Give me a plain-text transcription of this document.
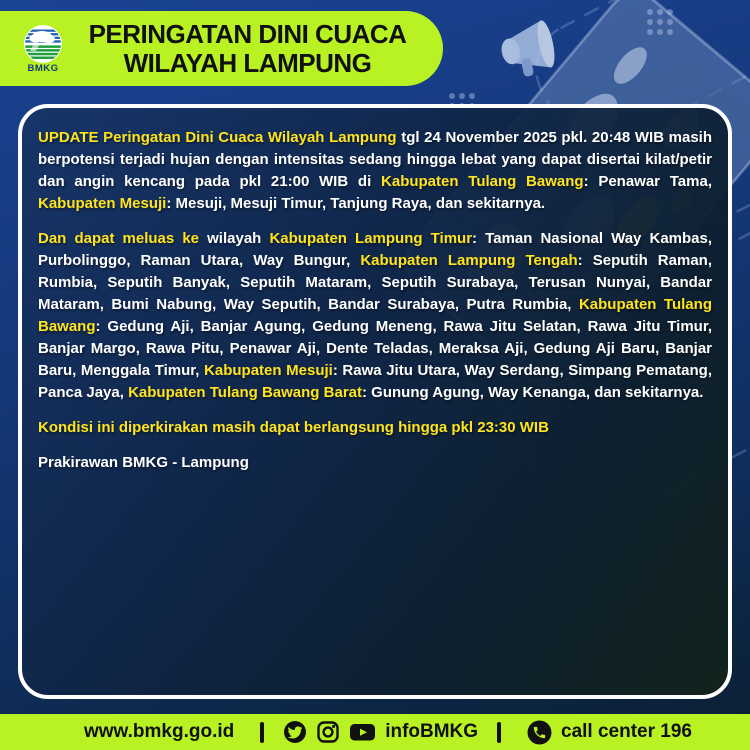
BMKG
PERINGATAN DINI CUACA
WILAYAH LAMPUNG

UPDATE Peringatan Dini Cuaca Wilayah Lampung tgl 24 November 2025 pkl. 20:48 WIB masih berpotensi terjadi hujan dengan intensitas sedang hingga lebat yang dapat disertai kilat/petir dan angin kencang pada pkl 21:00 WIB di Kabupaten Tulang Bawang: Penawar Tama, Kabupaten Mesuji: Mesuji, Mesuji Timur, Tanjung Raya, dan sekitarnya.

Dan dapat meluas ke wilayah Kabupaten Lampung Timur: Taman Nasional Way Kambas, Purbolinggo, Raman Utara, Way Bungur, Kabupaten Lampung Tengah: Seputih Raman, Rumbia, Seputih Banyak, Seputih Mataram, Seputih Surabaya, Terusan Nunyai, Bandar Mataram, Bumi Nabung, Way Seputih, Bandar Surabaya, Putra Rumbia, Kabupaten Tulang Bawang: Gedung Aji, Banjar Agung, Gedung Meneng, Rawa Jitu Selatan, Rawa Jitu Timur, Banjar Margo, Rawa Pitu, Penawar Aji, Dente Teladas, Meraksa Aji, Gedung Aji Baru, Banjar Baru, Menggala Timur, Kabupaten Mesuji: Rawa Jitu Utara, Way Serdang, Simpang Pematang, Panca Jaya, Kabupaten Tulang Bawang Barat: Gunung Agung, Way Kenanga, dan sekitarnya.

Kondisi ini diperkirakan masih dapat berlangsung hingga pkl 23:30 WIB

Prakirawan BMKG - Lampung

www.bmkg.go.id	infoBMKG	call center 196
